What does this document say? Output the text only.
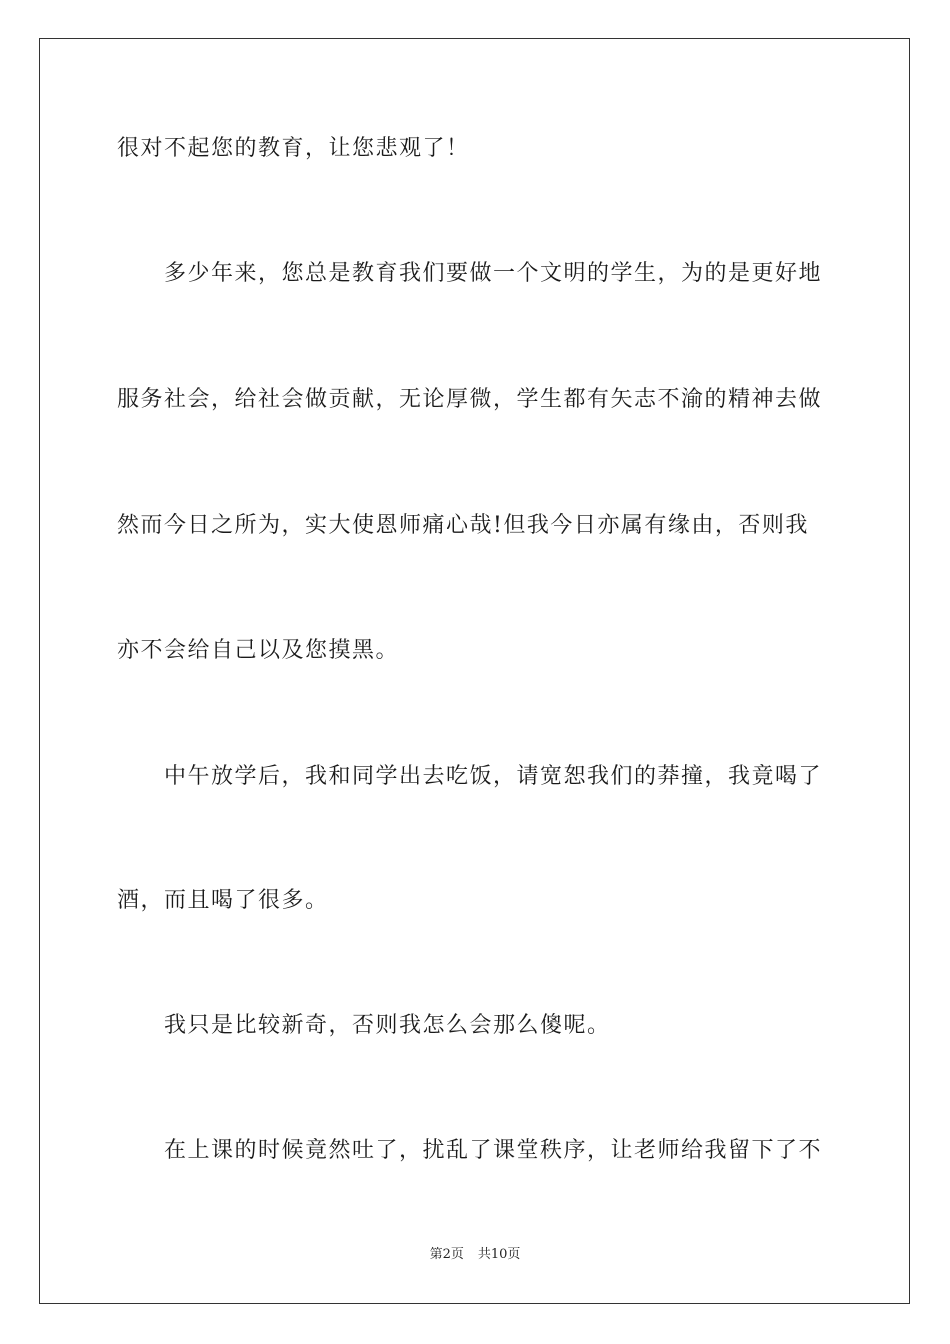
很对不起您的教育，让您悲观了！
多少年来，您总是教育我们要做一个文明的学生，为的是更好地
服务社会，给社会做贡献，无论厚微，学生都有矢志不渝的精神去做
然而今日之所为，实大使恩师痛心哉!但我今日亦属有缘由，否则我
亦不会给自己以及您摸黑。
中午放学后，我和同学出去吃饭，请宽恕我们的莽撞，我竟喝了
酒，而且喝了很多。
我只是比较新奇，否则我怎么会那么傻呢。
在上课的时候竟然吐了，扰乱了课堂秩序，让老师给我留下了不
第2页 共10页
